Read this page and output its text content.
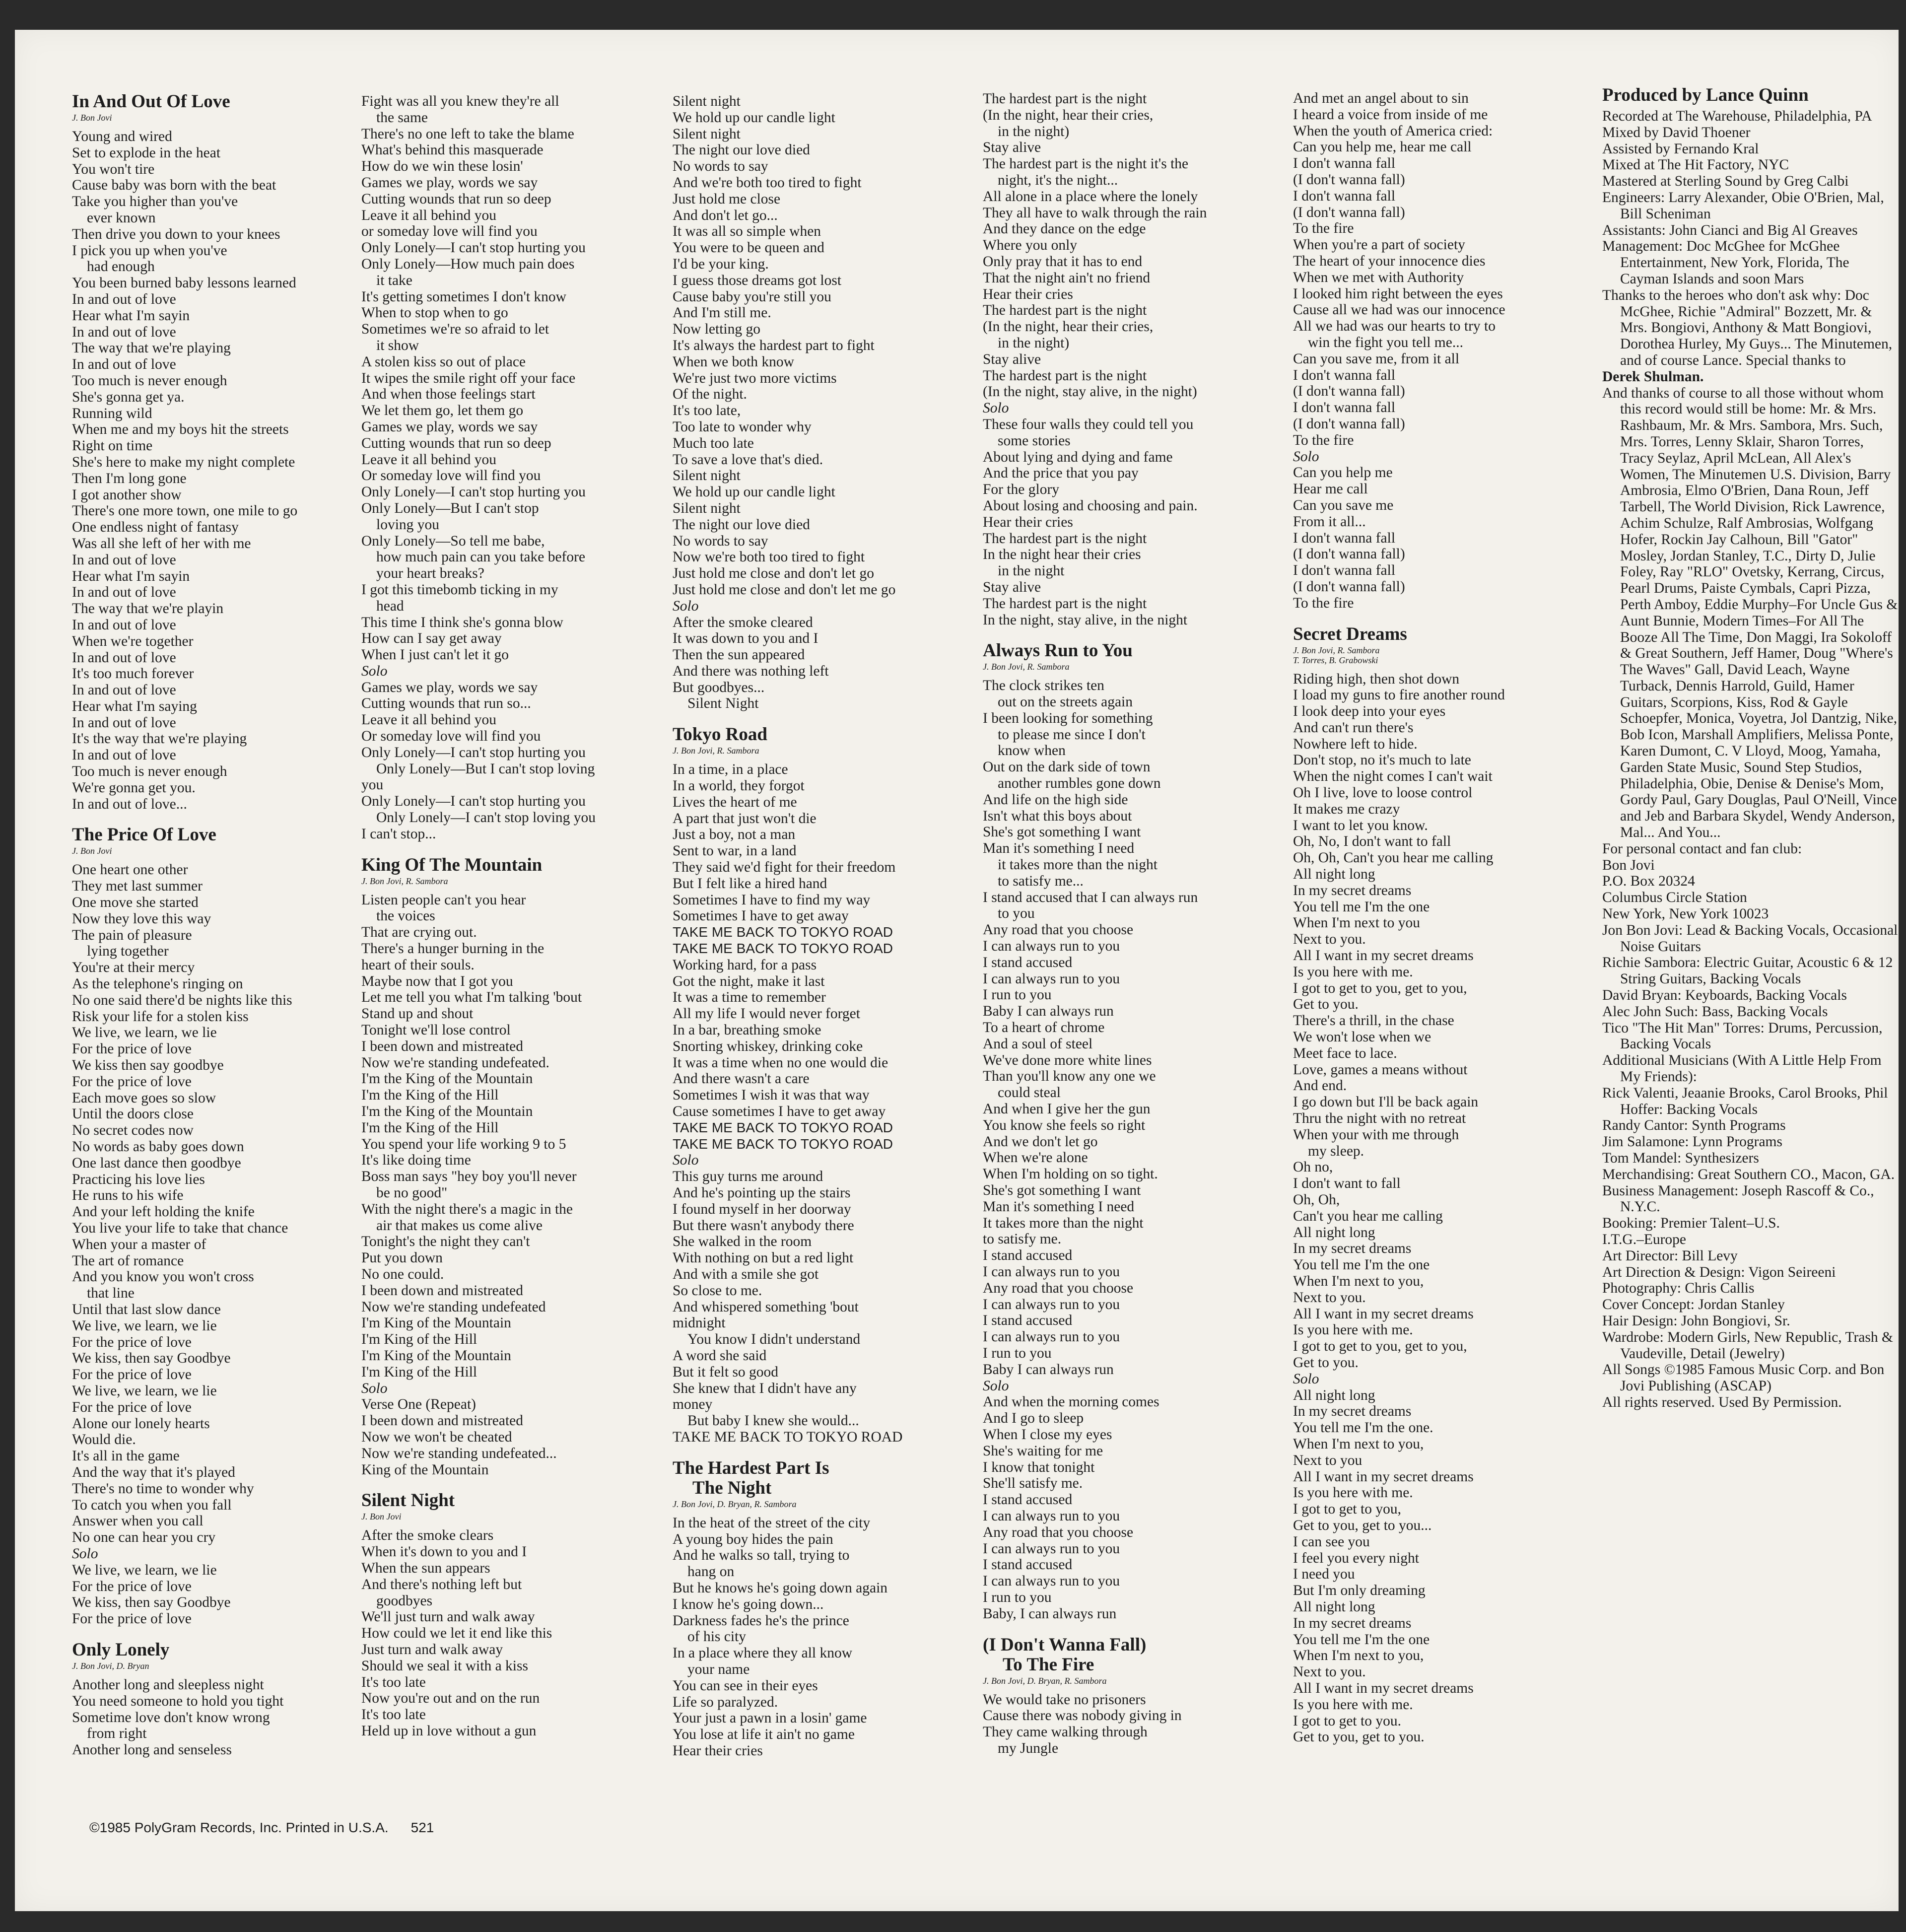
In And Out Of Love
J. Bon Jovi
Young and wired
Set to explode in the heat
You won't tire
Cause baby was born with the beat
Take you higher than you've
ever known
Then drive you down to your knees
I pick you up when you've
had enough
You been burned baby lessons learned
In and out of love
Hear what I'm sayin
In and out of love
The way that we're playing
In and out of love
Too much is never enough
She's gonna get ya.
Running wild
When me and my boys hit the streets
Right on time
She's here to make my night complete
Then I'm long gone
I got another show
There's one more town, one mile to go
One endless night of fantasy
Was all she left of her with me
In and out of love
Hear what I'm sayin
In and out of love
The way that we're playin
In and out of love
When we're together
In and out of love
It's too much forever
In and out of love
Hear what I'm saying
In and out of love
It's the way that we're playing
In and out of love
Too much is never enough
We're gonna get you.
In and out of love...
The Price Of Love
J. Bon Jovi
One heart one other
They met last summer
One move she started
Now they love this way
The pain of pleasure
lying together
You're at their mercy
As the telephone's ringing on
No one said there'd be nights like this
Risk your life for a stolen kiss
We live, we learn, we lie
For the price of love
We kiss then say goodbye
For the price of love
Each move goes so slow
Until the doors close
No secret codes now
No words as baby goes down
One last dance then goodbye
Practicing his love lies
He runs to his wife
And your left holding the knife
You live your life to take that chance
When your a master of
The art of romance
And you know you won't cross
that line
Until that last slow dance
We live, we learn, we lie
For the price of love
We kiss, then say Goodbye
For the price of love
We live, we learn, we lie
For the price of love
Alone our lonely hearts
Would die.
It's all in the game
And the way that it's played
There's no time to wonder why
To catch you when you fall
Answer when you call
No one can hear you cry
Solo
We live, we learn, we lie
For the price of love
We kiss, then say Goodbye
For the price of love
Only Lonely
J. Bon Jovi, D. Bryan
Another long and sleepless night
You need someone to hold you tight
Sometime love don't know wrong
from right
Another long and senseless
Fight was all you knew they're all
the same
There's no one left to take the blame
What's behind this masquerade
How do we win these losin'
Games we play, words we say
Cutting wounds that run so deep
Leave it all behind you
or someday love will find you
Only Lonely—I can't stop hurting you
Only Lonely—How much pain does
it take
It's getting sometimes I don't know
When to stop when to go
Sometimes we're so afraid to let
it show
A stolen kiss so out of place
It wipes the smile right off your face
And when those feelings start
We let them go, let them go
Games we play, words we say
Cutting wounds that run so deep
Leave it all behind you
Or someday love will find you
Only Lonely—I can't stop hurting you
Only Lonely—But I can't stop
loving you
Only Lonely—So tell me babe,
how much pain can you take before
your heart breaks?
I got this timebomb ticking in my
head
This time I think she's gonna blow
How can I say get away
When I just can't let it go
Solo
Games we play, words we say
Cutting wounds that run so...
Leave it all behind you
Or someday love will find you
Only Lonely—I can't stop hurting you
Only Lonely—But I can't stop loving
you
Only Lonely—I can't stop hurting you
Only Lonely—I can't stop loving you
I can't stop...
King Of The Mountain
J. Bon Jovi, R. Sambora
Listen people can't you hear
the voices
That are crying out.
There's a hunger burning in the
heart of their souls.
Maybe now that I got you
Let me tell you what I'm talking 'bout
Stand up and shout
Tonight we'll lose control
I been down and mistreated
Now we're standing undefeated.
I'm the King of the Mountain
I'm the King of the Hill
I'm the King of the Mountain
I'm the King of the Hill
You spend your life working 9 to 5
It's like doing time
Boss man says "hey boy you'll never
be no good"
With the night there's a magic in the
air that makes us come alive
Tonight's the night they can't
Put you down
No one could.
I been down and mistreated
Now we're standing undefeated
I'm King of the Mountain
I'm King of the Hill
I'm King of the Mountain
I'm King of the Hill
Solo
Verse One (Repeat)
I been down and mistreated
Now we won't be cheated
Now we're standing undefeated...
King of the Mountain
Silent Night
J. Bon Jovi
After the smoke clears
When it's down to you and I
When the sun appears
And there's nothing left but
goodbyes
We'll just turn and walk away
How could we let it end like this
Just turn and walk away
Should we seal it with a kiss
It's too late
Now you're out and on the run
It's too late
Held up in love without a gun
Silent night
We hold up our candle light
Silent night
The night our love died
No words to say
And we're both too tired to fight
Just hold me close
And don't let go...
It was all so simple when
You were to be queen and
I'd be your king.
I guess those dreams got lost
Cause baby you're still you
And I'm still me.
Now letting go
It's always the hardest part to fight
When we both know
We're just two more victims
Of the night.
It's too late,
Too late to wonder why
Much too late
To save a love that's died.
Silent night
We hold up our candle light
Silent night
The night our love died
No words to say
Now we're both too tired to fight
Just hold me close and don't let go
Just hold me close and don't let me go
Solo
After the smoke cleared
It was down to you and I
Then the sun appeared
And there was nothing left
But goodbyes...
Silent Night
Tokyo Road
J. Bon Jovi, R. Sambora
In a time, in a place
In a world, they forgot
Lives the heart of me
A part that just won't die
Just a boy, not a man
Sent to war, in a land
They said we'd fight for their freedom
But I felt like a hired hand
Sometimes I have to find my way
Sometimes I have to get away
TAKE ME BACK TO TOKYO ROAD
TAKE ME BACK TO TOKYO ROAD
Working hard, for a pass
Got the night, make it last
It was a time to remember
All my life I would never forget
In a bar, breathing smoke
Snorting whiskey, drinking coke
It was a time when no one would die
And there wasn't a care
Sometimes I wish it was that way
Cause sometimes I have to get away
TAKE ME BACK TO TOKYO ROAD
TAKE ME BACK TO TOKYO ROAD
Solo
This guy turns me around
And he's pointing up the stairs
I found myself in her doorway
But there wasn't anybody there
She walked in the room
With nothing on but a red light
And with a smile she got
So close to me.
And whispered something 'bout
midnight
You know I didn't understand
A word she said
But it felt so good
She knew that I didn't have any
money
But baby I knew she would...
TAKE ME BACK TO TOKYO ROAD
The Hardest Part Is
The Night
J. Bon Jovi, D. Bryan, R. Sambora
In the heat of the street of the city
A young boy hides the pain
And he walks so tall, trying to
hang on
But he knows he's going down again
I know he's going down...
Darkness fades he's the prince
of his city
In a place where they all know
your name
You can see in their eyes
Life so paralyzed.
Your just a pawn in a losin' game
You lose at life it ain't no game
Hear their cries
The hardest part is the night
(In the night, hear their cries,
in the night)
Stay alive
The hardest part is the night it's the
night, it's the night...
All alone in a place where the lonely
They all have to walk through the rain
And they dance on the edge
Where you only
Only pray that it has to end
That the night ain't no friend
Hear their cries
The hardest part is the night
(In the night, hear their cries,
in the night)
Stay alive
The hardest part is the night
(In the night, stay alive, in the night)
Solo
These four walls they could tell you
some stories
About lying and dying and fame
And the price that you pay
For the glory
About losing and choosing and pain.
Hear their cries
The hardest part is the night
In the night hear their cries
in the night
Stay alive
The hardest part is the night
In the night, stay alive, in the night
Always Run to You
J. Bon Jovi, R. Sambora
The clock strikes ten
out on the streets again
I been looking for something
to please me since I don't
know when
Out on the dark side of town
another rumbles gone down
And life on the high side
Isn't what this boys about
She's got something I want
Man it's something I need
it takes more than the night
to satisfy me...
I stand accused that I can always run
to you
Any road that you choose
I can always run to you
I stand accused
I can always run to you
I run to you
Baby I can always run
To a heart of chrome
And a soul of steel
We've done more white lines
Than you'll know any one we
could steal
And when I give her the gun
You know she feels so right
And we don't let go
When we're alone
When I'm holding on so tight.
She's got something I want
Man it's something I need
It takes more than the night
to satisfy me.
I stand accused
I can always run to you
Any road that you choose
I can always run to you
I stand accused
I can always run to you
I run to you
Baby I can always run
Solo
And when the morning comes
And I go to sleep
When I close my eyes
She's waiting for me
I know that tonight
She'll satisfy me.
I stand accused
I can always run to you
Any road that you choose
I can always run to you
I stand accused
I can always run to you
I run to you
Baby, I can always run
(I Don't Wanna Fall)
To The Fire
J. Bon Jovi, D. Bryan, R. Sambora
We would take no prisoners
Cause there was nobody giving in
They came walking through
my Jungle
And met an angel about to sin
I heard a voice from inside of me
When the youth of America cried:
Can you help me, hear me call
I don't wanna fall
(I don't wanna fall)
I don't wanna fall
(I don't wanna fall)
To the fire
When you're a part of society
The heart of your innocence dies
When we met with Authority
I looked him right between the eyes
Cause all we had was our innocence
All we had was our hearts to try to
win the fight you tell me...
Can you save me, from it all
I don't wanna fall
(I don't wanna fall)
I don't wanna fall
(I don't wanna fall)
To the fire
Solo
Can you help me
Hear me call
Can you save me
From it all...
I don't wanna fall
(I don't wanna fall)
I don't wanna fall
(I don't wanna fall)
To the fire
Secret Dreams
J. Bon Jovi, R. Sambora
T. Torres, B. Grabowski
Riding high, then shot down
I load my guns to fire another round
I look deep into your eyes
And can't run there's
Nowhere left to hide.
Don't stop, no it's much to late
When the night comes I can't wait
Oh I live, love to loose control
It makes me crazy
I want to let you know.
Oh, No, I don't want to fall
Oh, Oh, Can't you hear me calling
All night long
In my secret dreams
You tell me I'm the one
When I'm next to you
Next to you.
All I want in my secret dreams
Is you here with me.
I got to get to you, get to you,
Get to you.
There's a thrill, in the chase
We won't lose when we
Meet face to lace.
Love, games a means without
And end.
I go down but I'll be back again
Thru the night with no retreat
When your with me through
my sleep.
Oh no,
I don't want to fall
Oh, Oh,
Can't you hear me calling
All night long
In my secret dreams
You tell me I'm the one
When I'm next to you,
Next to you.
All I want in my secret dreams
Is you here with me.
I got to get to you, get to you,
Get to you.
Solo
All night long
In my secret dreams
You tell me I'm the one.
When I'm next to you,
Next to you
All I want in my secret dreams
Is you here with me.
I got to get to you,
Get to you, get to you...
I can see you
I feel you every night
I need you
But I'm only dreaming
All night long
In my secret dreams
You tell me I'm the one
When I'm next to you,
Next to you.
All I want in my secret dreams
Is you here with me.
I got to get to you.
Get to you, get to you.
Produced by Lance Quinn
Recorded at The Warehouse, Philadelphia, PA
Mixed by David Thoener
Assisted by Fernando Kral
Mixed at The Hit Factory, NYC
Mastered at Sterling Sound by Greg Calbi
Engineers: Larry Alexander, Obie O'Brien, Mal, Bill Scheniman
Assistants: John Cianci and Big Al Greaves
Management: Doc McGhee for McGhee Entertainment, New York, Florida, The Cayman Islands and soon Mars
Thanks to the heroes who don't ask why: Doc McGhee, Richie "Admiral" Bozzett, Mr. & Mrs. Bongiovi, Anthony & Matt Bongiovi, Dorothea Hurley, My Guys... The Minutemen, and of course Lance. Special thanks to
Derek Shulman.
And thanks of course to all those without whom this record would still be home: Mr. & Mrs. Rashbaum, Mr. & Mrs. Sambora, Mrs. Such, Mrs. Torres, Lenny Sklair, Sharon Torres, Tracy Seylaz, April McLean, All Alex's Women, The Minutemen U.S. Division, Barry Ambrosia, Elmo O'Brien, Dana Roun, Jeff Tarbell, The World Division, Rick Lawrence, Achim Schulze, Ralf Ambrosias, Wolfgang Hofer, Rockin Jay Calhoun, Bill "Gator" Mosley, Jordan Stanley, T.C., Dirty D, Julie Foley, Ray "RLO" Ovetsky, Kerrang, Circus, Pearl Drums, Paiste Cymbals, Capri Pizza, Perth Amboy, Eddie Murphy–For Uncle Gus & Aunt Bunnie, Modern Times–For All The Booze All The Time, Don Maggi, Ira Sokoloff & Great Southern, Jeff Hamer, Doug "Where's The Waves" Gall, David Leach, Wayne Turback, Dennis Harrold, Guild, Hamer Guitars, Scorpions, Kiss, Rod & Gayle Schoepfer, Monica, Voyetra, Jol Dantzig, Nike, Bob Icon, Marshall Amplifiers, Melissa Ponte, Karen Dumont, C. V Lloyd, Moog, Yamaha, Garden State Music, Sound Step Studios, Philadelphia, Obie, Denise & Denise's Mom, Gordy Paul, Gary Douglas, Paul O'Neill, Vince and Jeb and Barbara Skydel, Wendy Anderson, Mal... And You...
For personal contact and fan club:
Bon Jovi
P.O. Box 20324
Columbus Circle Station
New York, New York 10023
Jon Bon Jovi: Lead & Backing Vocals, Occasional Noise Guitars
Richie Sambora: Electric Guitar, Acoustic 6 & 12 String Guitars, Backing Vocals
David Bryan: Keyboards, Backing Vocals
Alec John Such: Bass, Backing Vocals
Tico "The Hit Man" Torres: Drums, Percussion, Backing Vocals
Additional Musicians (With A Little Help From My Friends):
Rick Valenti, Jeaanie Brooks, Carol Brooks, Phil Hoffer: Backing Vocals
Randy Cantor: Synth Programs
Jim Salamone: Lynn Programs
Tom Mandel: Synthesizers
Merchandising: Great Southern CO., Macon, GA.
Business Management: Joseph Rascoff & Co., N.Y.C.
Booking: Premier Talent–U.S.
I.T.G.–Europe
Art Director: Bill Levy
Art Direction & Design: Vigon Seireeni
Photography: Chris Callis
Cover Concept: Jordan Stanley
Hair Design: John Bongiovi, Sr.
Wardrobe: Modern Girls, New Republic, Trash & Vaudeville, Detail (Jewelry)
All Songs ©1985 Famous Music Corp. and Bon Jovi Publishing (ASCAP)
All rights reserved. Used By Permission.
©1985 PolyGram Records, Inc. Printed in U.S.A. 521
